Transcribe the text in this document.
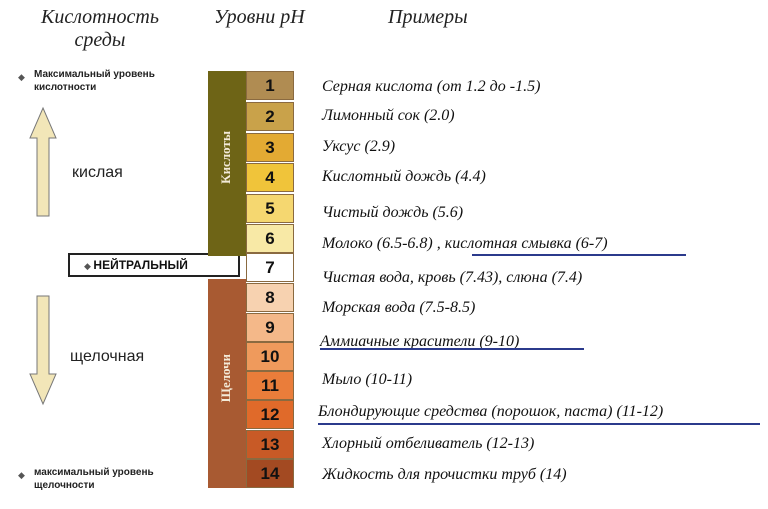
Кислотность среды
Уровни pH	Примеры
◆ Максимальный уровень кислотности
кислая
◆ НЕЙТРАЛЬНЫЙ
щелочная
◆ максимальный уровень щелочности
Кислоты
Щелочи
1
2
3
4
5
6
7
8
9
10
11
12
13
14
Серная кислота (от 1.2 до -1.5)
Лимонный сок (2.0)
Уксус (2.9)
Кислотный дождь (4.4)
Чистый дождь (5.6)
Молоко (6.5-6.8) , кислотная смывка (6-7)
Чистая вода, кровь (7.43), слюна (7.4)
Морская вода (7.5-8.5)
Аммиачные красители (9-10)
Мыло (10-11)
Блондирующие средства (порошок, паста) (11-12)
Хлорный отбеливатель (12-13)
Жидкость для прочистки труб (14)
